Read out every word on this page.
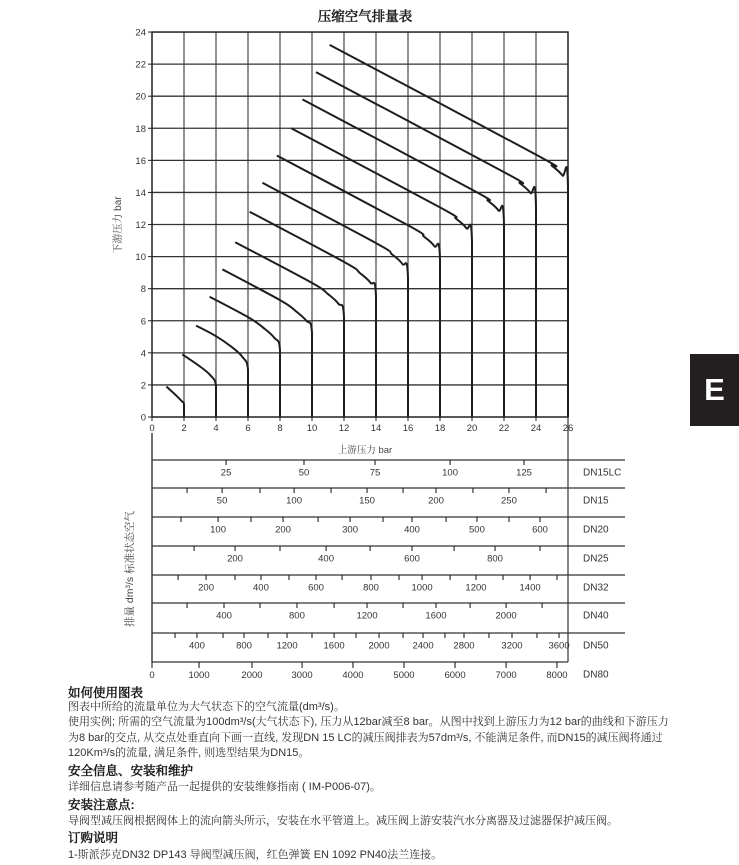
压缩空气排量表
下游压力 bar
上游压力 bar
排量 dm³/s 标准状态空气
0	2	4	6	8	10 12 14 16 18 20 22 24 26
0
2
4
6
8
10
12
14
16
18
20
22
24
25	50	75	100	125	DN15LC
50	100	150	200	250	DN15
100	200	300	400	500	600	DN20
200	400	600	800	DN25
200	400	600	800	1000	1200	1400	DN32
400	800	1200	1600	2000	DN40
400	800	1200	1600	2000 2400 2800	3200	3600 DN50
0	1000	2000	3000	4000	5000	6000	7000	8000 DN80
E
如何使用图表
图表中所给的流量单位为大气状态下的空气流量(dm³/s)。
使用实例; 所需的空气流量为100dm³/s(大气状态下), 压力从12bar减至8 bar。从图中找到上游压力为12 bar的曲线和下游压力
为8 bar的交点, 从交点处垂直向下画一直线, 发现DN 15 LC的减压阀排表为57dm³/s, 不能满足条件, 而DN15的减压阀将通过
120Km³/s的流量, 满足条件, 则选型结果为DN15。
安全信息、安装和维护
详细信息请参考随产品一起提供的安装维修指南 ( IM-P006-07)。
安装注意点:
导阀型减压阀根据阀体上的流向箭头所示，安装在水平管道上。减压阀上游安装汽水分离器及过滤器保护减压阀。
订购说明
1-斯派莎克DN32 DP143 导阀型减压阀，红色弹簧 EN 1092 PN40法兰连接。
